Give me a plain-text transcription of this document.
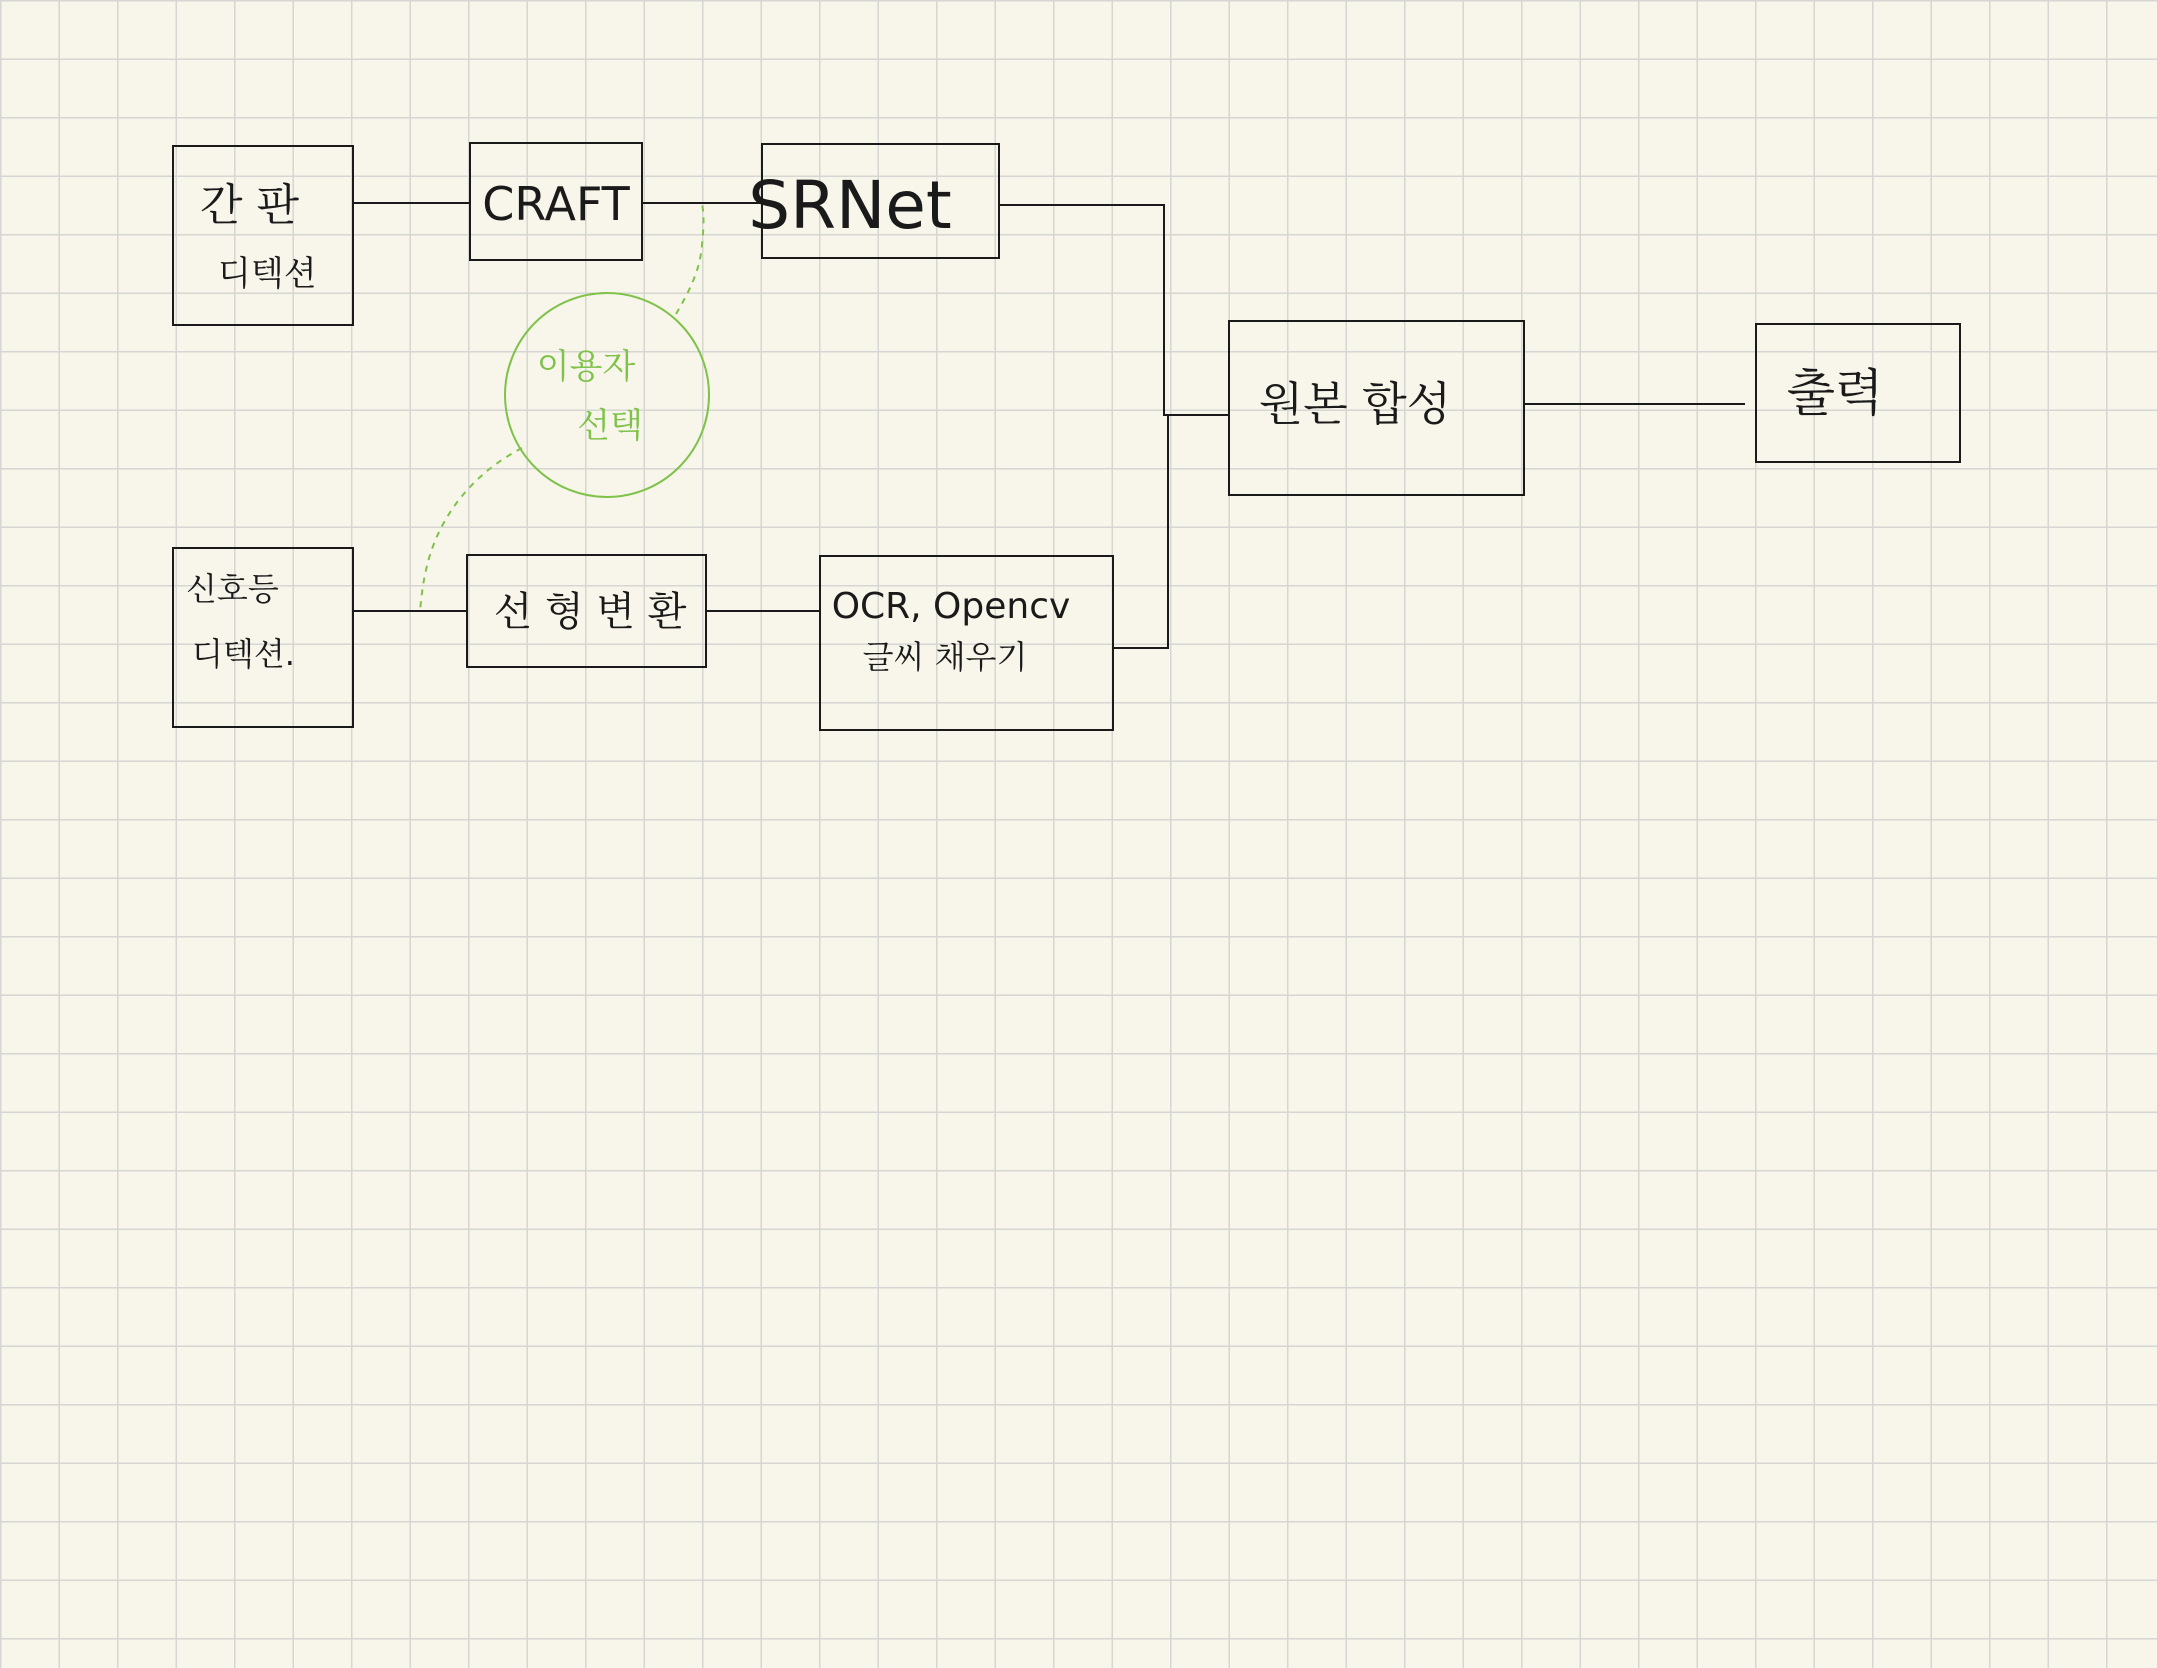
간 판
디텍션
CRAFT SRNet
신호등
디텍션.
선 형 변 환	OCR, Opencv
글씨 채우기
원본 합성	출력
이용자
선택
